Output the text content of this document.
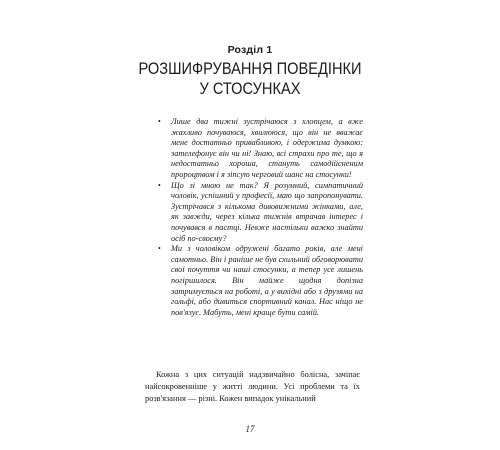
Розділ 1
РОЗШИФРУВАННЯ ПОВЕДІНКИ
У СТОСУНКАХ
• Лише два тижні зустрічаюся з хлопцем, а вже жахливо почуваюся, хвилююся, що він не вважає мене достатньо привабливою, і одержима думкою: зателефонує він чи ні! Знаю, всі страхи про те, що я недостатньо хороша, стануть самодійсненим пророцтвом і я зіпсую черговий шанс на стосунки!
• Що зі мною не так? Я розумний, симпатичний чоловік, успішний у професії, маю що запропонувати. Зустрічався з кількома дивовижними жінками, але, як завжди, через кілька тижнів втрачав інтерес і почувався в пастці. Невже настільки важко знайти осіб по-своєму?
• Ми з чоловіком одружені багато років, але мені самотньо. Він і раніше не був схильний обговорювати свої почуття чи наші стосунки, а тепер усе лишень погіршилося. Він майже щодня допізна затримується на роботі, а у вихідні або з друзями на гольфі, або дивиться спортивний канал. Нас ніщо не пов'язує. Мабуть, мені краще бути самій.

Кожна з цих ситуацій надзвичайно болісна, зачіпає найсокровенніше у житті людини. Усі проблеми та їх розв'язання — різні. Кожен випадок унікальний

17
